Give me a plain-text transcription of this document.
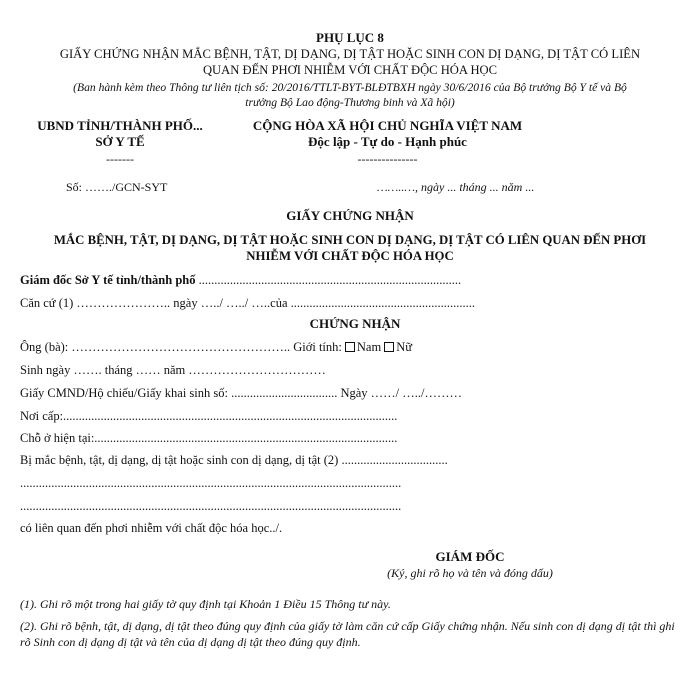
PHỤ LỤC 8
GIẤY CHỨNG NHẬN MẮC BỆNH, TẬT, DỊ DẠNG, DỊ TẬT HOẶC SINH CON DỊ DẠNG, DỊ TẬT CÓ LIÊN
QUAN ĐẾN PHƠI NHIỄM VỚI CHẤT ĐỘC HÓA HỌC
(Ban hành kèm theo Thông tư liên tịch số: 20/2016/TTLT-BYT-BLĐTBXH ngày 30/6/2016 của Bộ trưởng Bộ Y tế và Bộ
trưởng Bộ Lao động-Thương binh và Xã hội)
UBND TỈNH/THÀNH PHỐ...
SỞ Y TẾ
-------
Số: ……./GCN-SYT
CỘNG HÒA XÃ HỘI CHỦ NGHĨA VIỆT NAM
Độc lập - Tự do - Hạnh phúc
---------------
……..…, ngày ... tháng ... năm ...
GIẤY CHỨNG NHẬN
MẮC BỆNH, TẬT, DỊ DẠNG, DỊ TẬT HOẶC SINH CON DỊ DẠNG, DỊ TẬT CÓ LIÊN QUAN ĐẾN PHƠI
NHIỄM VỚI CHẤT ĐỘC HÓA HỌC
Giám đốc Sở Y tế tỉnh/thành phố ....................................................................................
Căn cứ (1) ………………….. ngày …../ …../ …..của ...........................................................
CHỨNG NHẬN
Ông (bà): …………………………………………….. Giới tính: Nam Nữ
Sinh ngày ……. tháng …… năm ……………………………
Giấy CMND/Hộ chiếu/Giấy khai sinh số: .................................. Ngày ……/ …../………
Nơi cấp:...........................................................................................................
Chỗ ở hiện tại:.................................................................................................
Bị mắc bệnh, tật, dị dạng, dị tật hoặc sinh con dị dạng, dị tật (2) ..................................
..........................................................................................................................
..........................................................................................................................
có liên quan đến phơi nhiễm với chất độc hóa học../.
GIÁM ĐỐC
(Ký, ghi rõ họ và tên và đóng dấu)
(1). Ghi rõ một trong hai giấy tờ quy định tại Khoản 1 Điều 15 Thông tư này.
(2). Ghi rõ bệnh, tật, dị dạng, dị tật theo đúng quy định của giấy tờ làm căn cứ cấp Giấy chứng nhận. Nếu sinh con dị dạng dị tật thì ghi rõ Sinh con dị dạng dị tật và tên của dị dạng dị tật theo đúng quy định.
